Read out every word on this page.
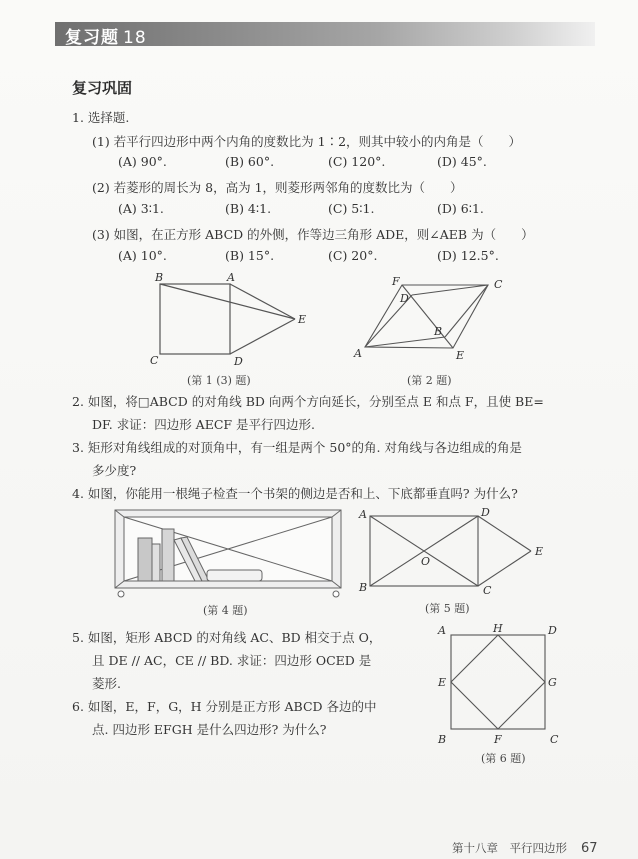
复习题 18
复习巩固
1. 选择题.
(1) 若平行四边形中两个内角的度数比为 1∶2，则其中较小的内角是（　　）
(A) 90°.	(B) 60°.	(C) 120°.	(D) 45°.
(2) 若菱形的周长为 8，高为 1，则菱形两邻角的度数比为（　　）
(A) 3∶1.	(B) 4∶1.	(C) 5∶1.	(D) 6∶1.
(3) 如图，在正方形 ABCD 的外侧，作等边三角形 ADE，则∠AEB 为（　　）
(A) 10°.	(B) 15°.	(C) 20°.	(D) 12.5°.
B	A
E
C	D
(第 1 (3) 题)
F	C
D
B
A	E
(第 2 题)
2. 如图，将□ABCD 的对角线 BD 向两个方向延长，分别至点 E 和点 F，且使 BE=
DF. 求证：四边形 AECF 是平行四边形.
3. 矩形对角线组成的对顶角中，有一组是两个 50°的角. 对角线与各边组成的角是
多少度?
4. 如图，你能用一根绳子检查一个书架的侧边是否和上、下底都垂直吗? 为什么?
(第 4 题)
A	D
O
E
B	C
(第 5 题)
5. 如图，矩形 ABCD 的对角线 AC、BD 相交于点 O，
且 DE // AC，CE // BD. 求证：四边形 OCED 是
菱形.
6. 如图，E，F，G，H 分别是正方形 ABCD 各边的中
点. 四边形 EFGH 是什么四边形? 为什么?
A	H	D
E	G
B	F	C
(第 6 题)
第十八章　平行四边形 67
